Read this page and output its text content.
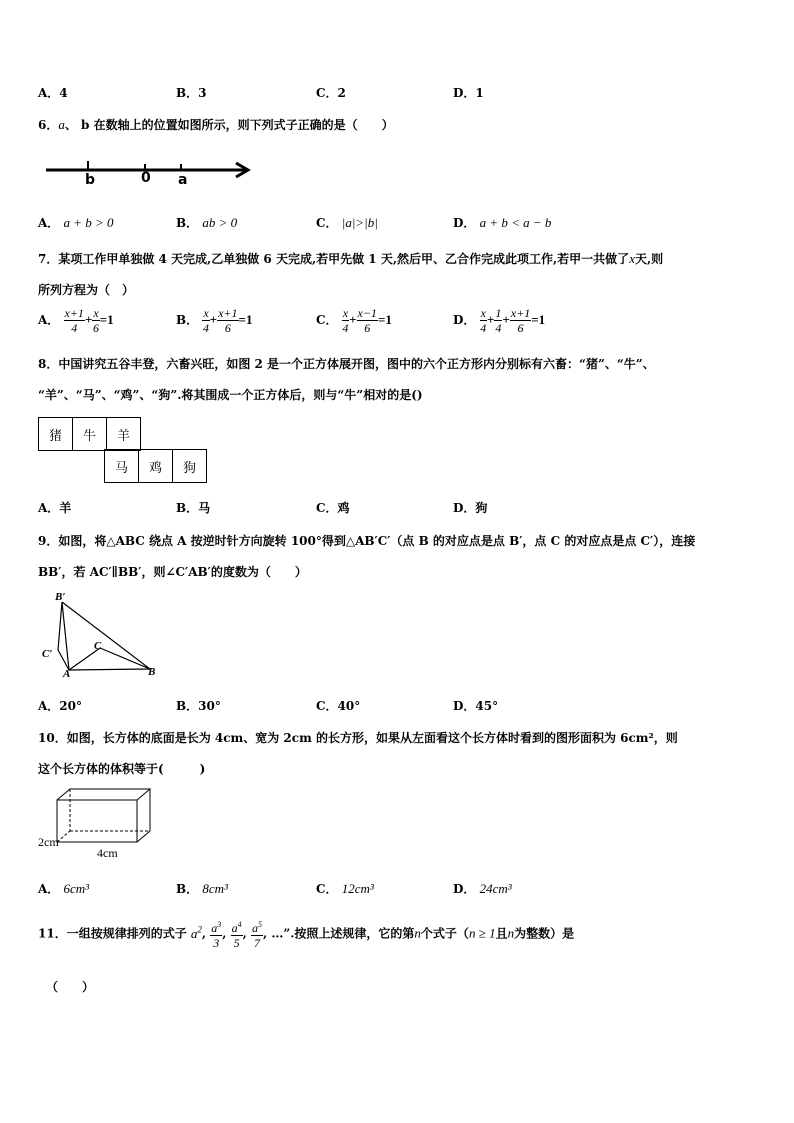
A．4	B．3	C．2	D．1
6．a、 b 在数轴上的位置如图所示，则下列式子正确的是（　　）
b	0 a
A． a + b > 0	B． ab > 0	C． |a|>|b|	D． a + b < a − b
7．某项工作甲单独做 4 天完成,乙单独做 6 天完成,若甲先做 1 天,然后甲、乙合作完成此项工作,若甲一共做了x天,则
所列方程为（　）
A． $\frac{x+1}{4} + \frac{x}{6} =1$	B． $\frac{x}{4} + \frac{x+1}{6} =1$	C． $\frac{x}{4} + \frac{x-1}{6} =1$	D． $\frac{x}{4} + \frac{1}{4} + \frac{x+1}{6} =1$
8．中国讲究五谷丰登，六畜兴旺，如图 2 是一个正方体展开图，图中的六个正方形内分别标有六畜：“猪”、“牛”、
“羊”、“马”、“鸡”、“狗”.将其围成一个正方体后，则与“牛”相对的是()
猪	牛	羊
马	鸡	狗
A．羊	B．马	C．鸡	D．狗
9．如图，将△ABC 绕点 A 按逆时针方向旋转 100°得到△AB′C′（点 B 的对应点是点 B′，点 C 的对应点是点 C′），连接
BB′，若 AC′∥BB′，则∠C′AB′的度数为（　　）
B′
C′
C
A	B
A．20°	B．30°	C．40°	D．45°
10．如图，长方体的底面是长为 4cm、宽为 2cm 的长方形，如果从左面看这个长方体时看到的图形面积为 6cm²，则
这个长方体的体积等于(　　　)
2cm
4cm
A． 6cm³	B． 8cm³	C． 12cm³	D． 24cm³
11．一组按规律排列的式子 $a^2$, $\frac{a^3}{3}$ , $\frac{a^4}{5}$ , $\frac{a^5}{7}$ , …”.按照上述规律，它的第n个式子（n ≥ 1且n为整数）是
（　　）
